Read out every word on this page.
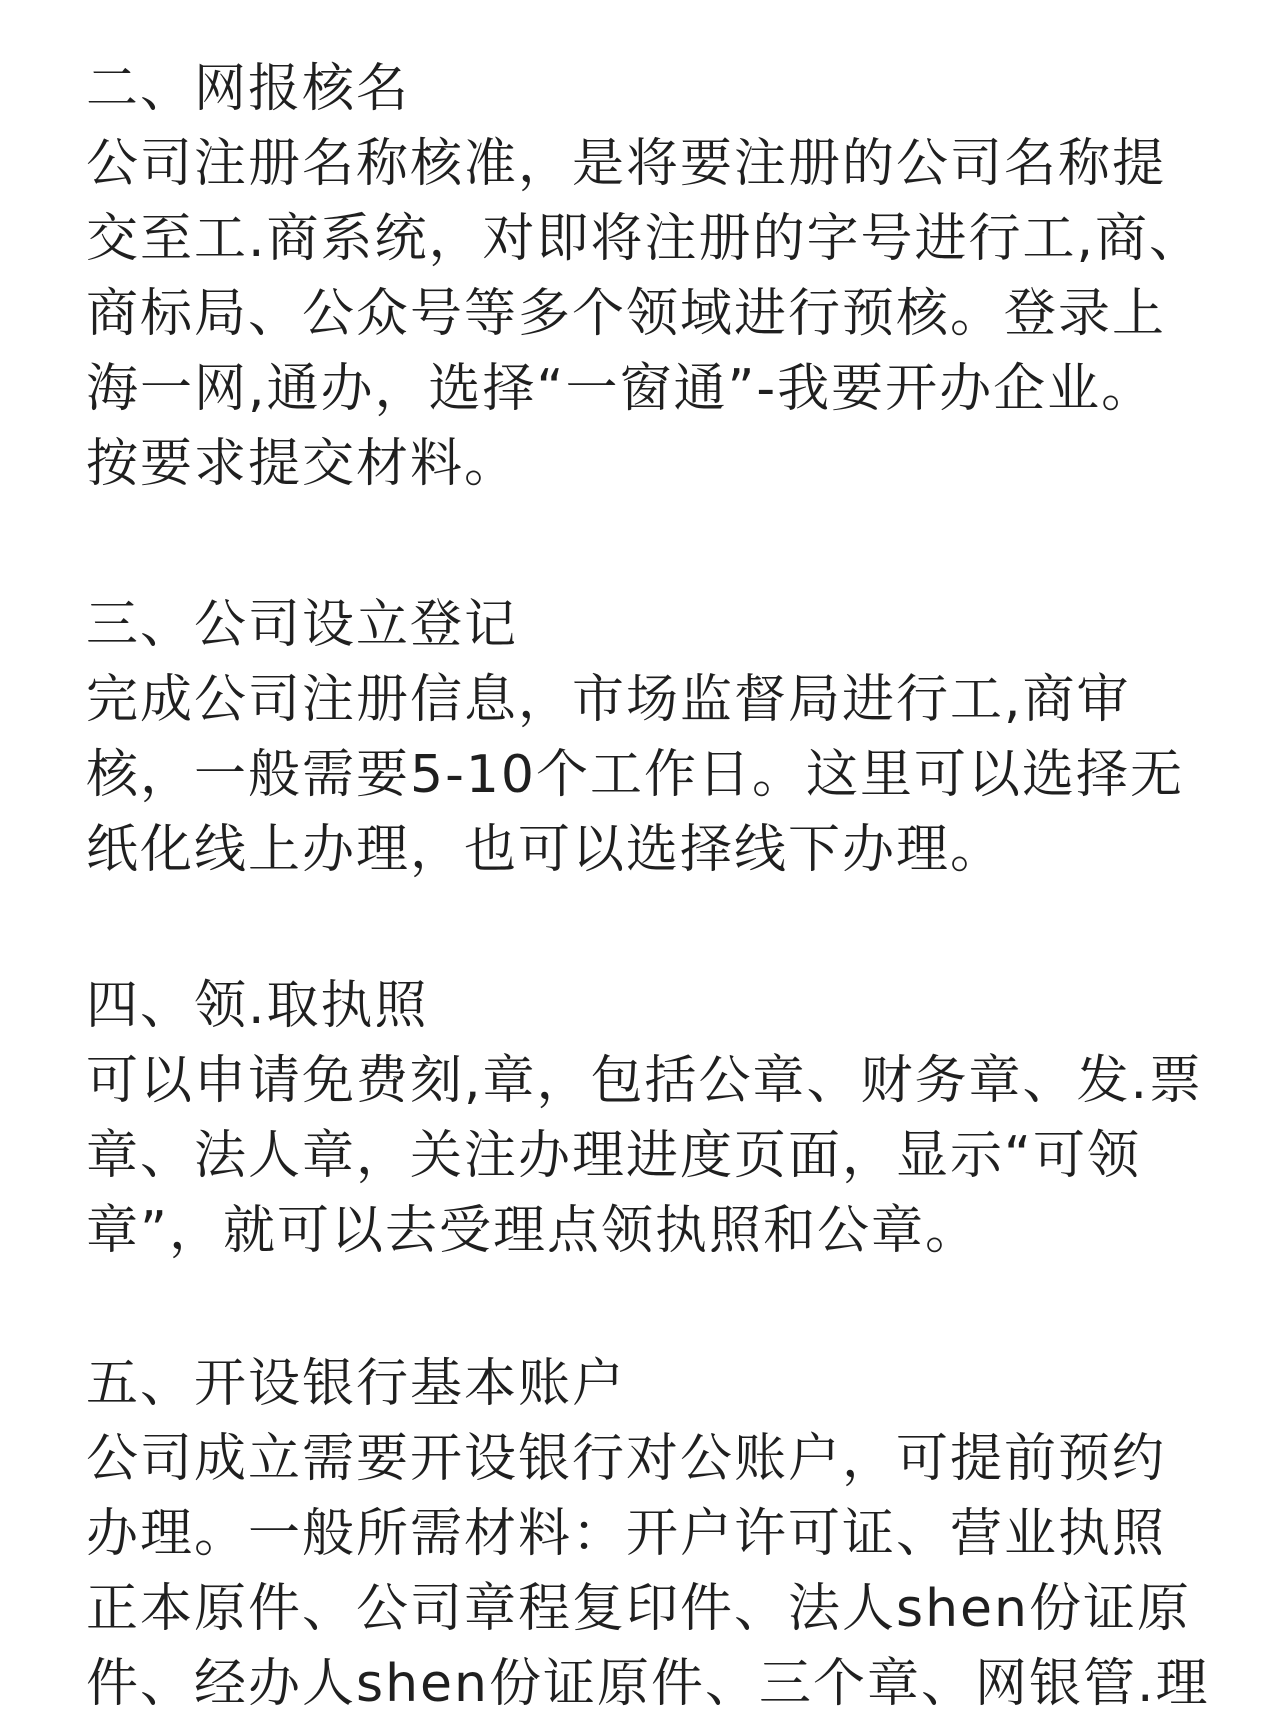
二、网报核名
公司注册名称核准，是将要注册的公司名称提
交至工.商系统，对即将注册的字号进行工,商、
商标局、公众号等多个领域进行预核。登录上
海一网,通办，选择“一窗通”-我要开办企业。
按要求提交材料。
三、公司设立登记
完成公司注册信息，市场监督局进行工,商审
核，一般需要5-10个工作日。这里可以选择无
纸化线上办理，也可以选择线下办理。
四、领.取执照
可以申请免费刻,章，包括公章、财务章、发.票
章、法人章，关注办理进度页面，显示“可领
章”，就可以去受理点领执照和公章。
五、开设银行基本账户
公司成立需要开设银行对公账户，可提前预约
办理。一般所需材料：开户许可证、营业执照
正本原件、公司章程复印件、法人shen份证原
件、经办人shen份证原件、三个章、网银管.理
